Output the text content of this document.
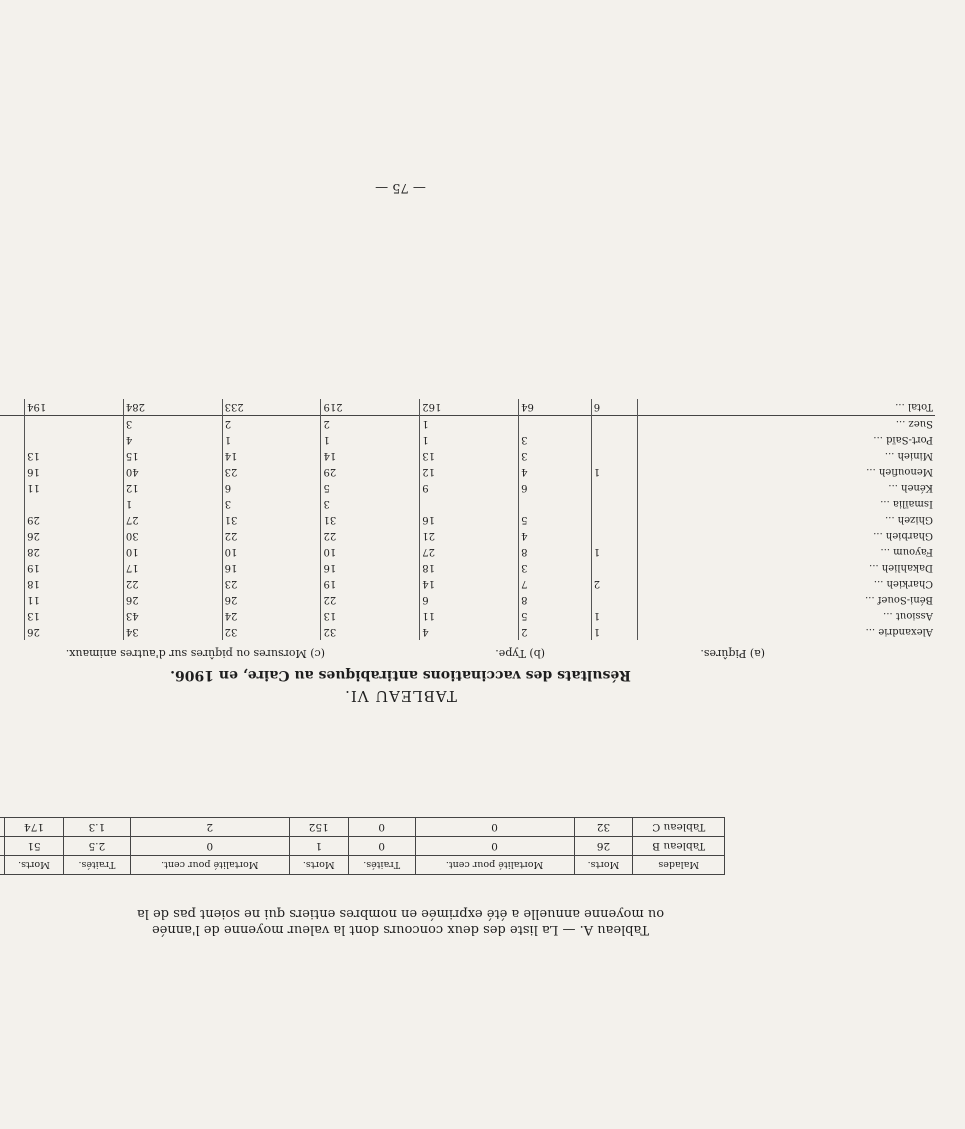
Tableau A. — La liste des deux concours dont la valeur moyenne de l'année
ou moyenne annuelle a été exprimée en nombres entiers qui ne soient pas de la
Malades	Morts.	Mortalité pour cent.	Traités.	Morts.	Mortalité pour cent.	Traités.	Morts.	
Tableau B	26	0	0	1	0	2.5	51	
Tableau C	32	0	0	152	2	1.3	174	
TABLEAU VI.
Résultats des vaccinations antirabiques au Caire, en 1906.
(a) Piqûres.
(b) Type.
(c) Morsures ou piqûres sur d'autres animaux.
Alexandrie ...	1	2	4	32	32	34	26		
Assiout ...	1	5	11	13	24	43	13		
Béni-Souef ...		8	6	22	26	26	11		
Charkieh ...	2	7	14	19	23	22	18		
Dakahlieh ...		3	18	16	16	17	19		
Fayoum ...	1	8	27	10	10	10	28		
Gharbieh ...		4	21	22	22	30	26		
Ghizeh ...		5	16	31	31	27	29		
Ismaïlia ...				3	3	1			
Kéneh ...		6	9	5	6	12	11		
Menoufieh ...	1	4	12	29	23	40	16		
Minieh ...		3	13	14	14	15	13		
Port-Saïd ...		3	1	1	1	4			
Suez ...			1	2	2	3			
Total ...	6	64	162	219	233	284	194		
— 75 —
